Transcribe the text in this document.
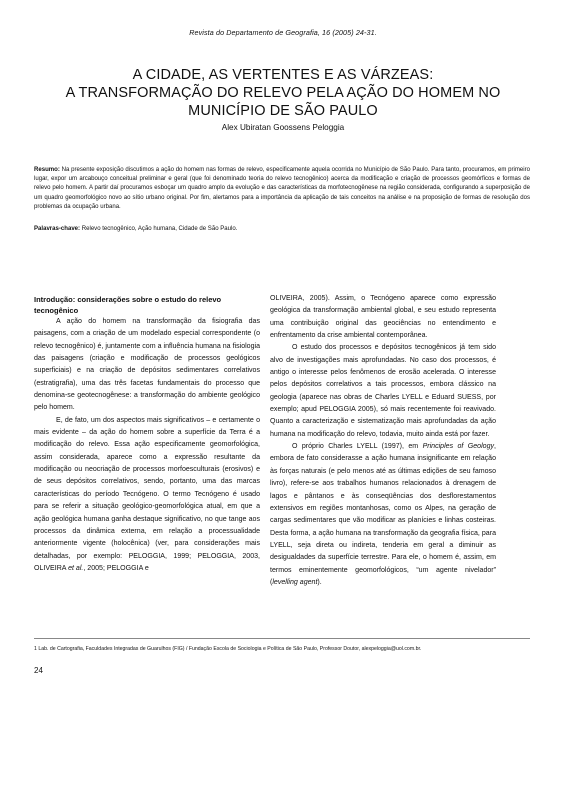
Revista do Departamento de Geografia, 16 (2005) 24-31.
A CIDADE, AS VERTENTES E AS VÁRZEAS:
A TRANSFORMAÇÃO DO RELEVO PELA AÇÃO DO HOMEM NO
MUNICÍPIO DE SÃO PAULO
Alex Ubiratan Goossens Peloggia

Resumo: Na presente exposição discutimos a ação do homem nas formas de relevo, especificamente aquela ocorrida no Município de São Paulo. Para tanto, procuramos, em primeiro lugar, expor um arcabouço conceitual preliminar e geral (que foi denominado teoria do relevo tecnogênico) acerca da modificação e criação de processos geomórficos e formas de relevo pelo homem. A partir daí procuramos esboçar um quadro amplo da evolução e das características da morfotecnogênese na região considerada, configurando a superposição de um quadro geomorfológico novo ao sítio urbano original. Por fim, alertamos para a importância da aplicação de tais conceitos na análise e na proposição de formas de resolução dos problemas da ocupação urbana.

Palavras-chave: Relevo tecnogênico, Ação humana, Cidade de São Paulo.

Introdução: considerações sobre o estudo do relevo tecnogênico

A ação do homem na transformação da fisiografia das paisagens, com a criação de um modelado especial correspondente (o relevo tecnogênico) é, juntamente com a influência humana na fisiologia das paisagens (criação e modificação de processos geológicos superficiais) e na criação de depósitos sedimentares correlativos (estratigrafia), uma das três facetas fundamentais do processo que denomina-se geotecnogênese: a transformação do ambiente geológico pelo homem.

E, de fato, um dos aspectos mais significativos – e certamente o mais evidente – da ação do homem sobre a superfície da Terra é a modificação do relevo. Essa ação especificamente geomorfológica, assim considerada, aparece como a expressão resultante da modificação ou neocriação de processos morfoesculturais (erosivos) e de seus depósitos correlativos, sendo, portanto, uma das marcas características do período Tecnógeno. O termo Tecnógeno é usado para se referir a situação geológico-geomorfológica atual, em que a ação geológica humana ganha destaque significativo, no que tange aos processos da dinâmica externa, em relação a processualidade anteriormente vigente (holocênica) (ver, para considerações mais detalhadas, por exemplo: PELOGGIA, 1999; PELOGGIA, 2003, OLIVEIRA et al., 2005; PELOGGIA e

OLIVEIRA, 2005). Assim, o Tecnógeno aparece como expressão geológica da transformação ambiental global, e seu estudo representa uma contribuição original das geociências no entendimento e enfrentamento da crise ambiental contemporânea.

O estudo dos processos e depósitos tecnogênicos já tem sido alvo de investigações mais aprofundadas. No caso dos processos, é antigo o interesse pelos fenômenos de erosão acelerada. O interesse pelos depósitos correlativos a tais processos, embora clássico na geologia (aparece nas obras de Charles LYELL e Eduard SUESS, por exemplo; apud PELOGGIA 2005), só mais recentemente foi reavivado. Quanto a caracterização e sistematização mais aprofundadas da ação humana na modificação do relevo, todavia, muito ainda está por fazer.

O próprio Charles LYELL (1997), em Principles of Geology, embora de fato considerasse a ação humana insignificante em relação às forças naturais (e pelo menos até as últimas edições de seu famoso livro), refere-se aos trabalhos humanos relacionados à drenagem de lagos e pântanos e às conseqüências dos desflorestamentos extensivos em regiões montanhosas, como os Alpes, na geração de cargas sedimentares que vão modificar as planícies e linhas costeiras. Desta forma, a ação humana na transformação da geografia física, para LYELL, seja direta ou indireta, tenderia em geral a diminuir as desigualdades da superfície terrestre. Para ele, o homem é, assim, em termos eminentemente geomorfológicos, “um agente nivelador” (levelling agent).

1 Lab. de Cartografia, Faculdades Integradas de Guarulhos (FIG) / Fundação Escola de Sociologia e Política de São Paulo, Professor Doutor, alexpeloggia@uol.com.br.

24
